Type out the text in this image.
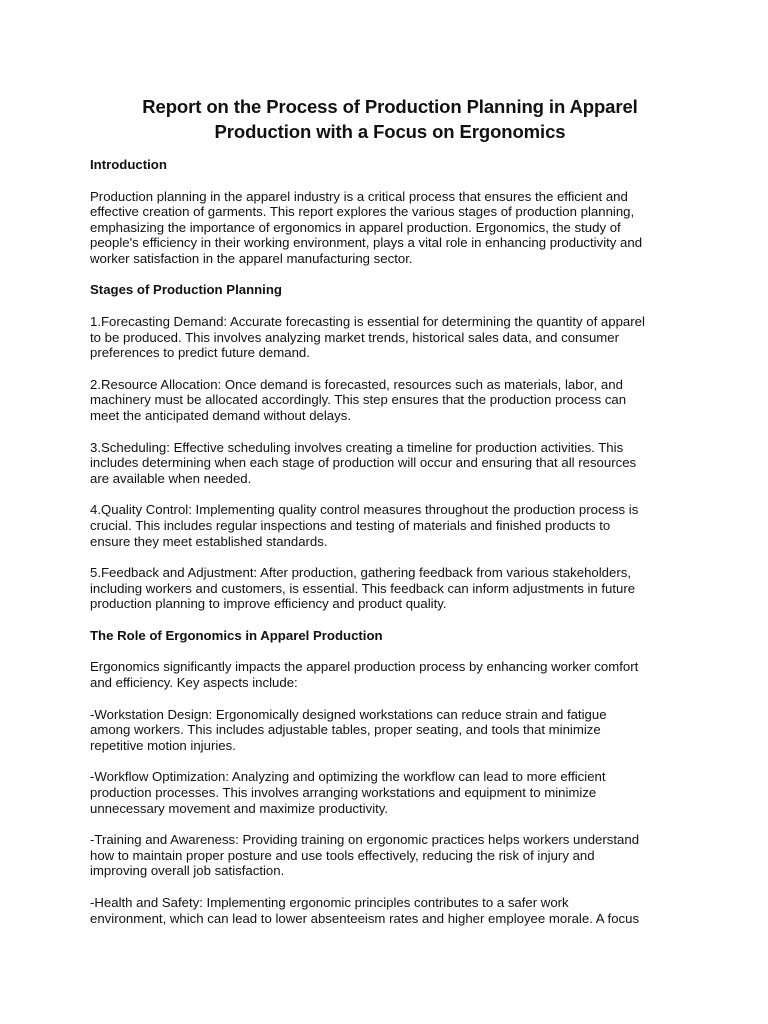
Report on the Process of Production Planning in Apparel
Production with a Focus on Ergonomics
Introduction
Production planning in the apparel industry is a critical process that ensures the efficient and
effective creation of garments. This report explores the various stages of production planning,
emphasizing the importance of ergonomics in apparel production. Ergonomics, the study of
people's efficiency in their working environment, plays a vital role in enhancing productivity and
worker satisfaction in the apparel manufacturing sector.
Stages of Production Planning
1.Forecasting Demand: Accurate forecasting is essential for determining the quantity of apparel
to be produced. This involves analyzing market trends, historical sales data, and consumer
preferences to predict future demand.
2.Resource Allocation: Once demand is forecasted, resources such as materials, labor, and
machinery must be allocated accordingly. This step ensures that the production process can
meet the anticipated demand without delays.
3.Scheduling: Effective scheduling involves creating a timeline for production activities. This
includes determining when each stage of production will occur and ensuring that all resources
are available when needed.
4.Quality Control: Implementing quality control measures throughout the production process is
crucial. This includes regular inspections and testing of materials and finished products to
ensure they meet established standards.
5.Feedback and Adjustment: After production, gathering feedback from various stakeholders,
including workers and customers, is essential. This feedback can inform adjustments in future
production planning to improve efficiency and product quality.
The Role of Ergonomics in Apparel Production
Ergonomics significantly impacts the apparel production process by enhancing worker comfort
and efficiency. Key aspects include:
-Workstation Design: Ergonomically designed workstations can reduce strain and fatigue
among workers. This includes adjustable tables, proper seating, and tools that minimize
repetitive motion injuries.
-Workflow Optimization: Analyzing and optimizing the workflow can lead to more efficient
production processes. This involves arranging workstations and equipment to minimize
unnecessary movement and maximize productivity.
-Training and Awareness: Providing training on ergonomic practices helps workers understand
how to maintain proper posture and use tools effectively, reducing the risk of injury and
improving overall job satisfaction.
-Health and Safety: Implementing ergonomic principles contributes to a safer work
environment, which can lead to lower absenteeism rates and higher employee morale. A focus
